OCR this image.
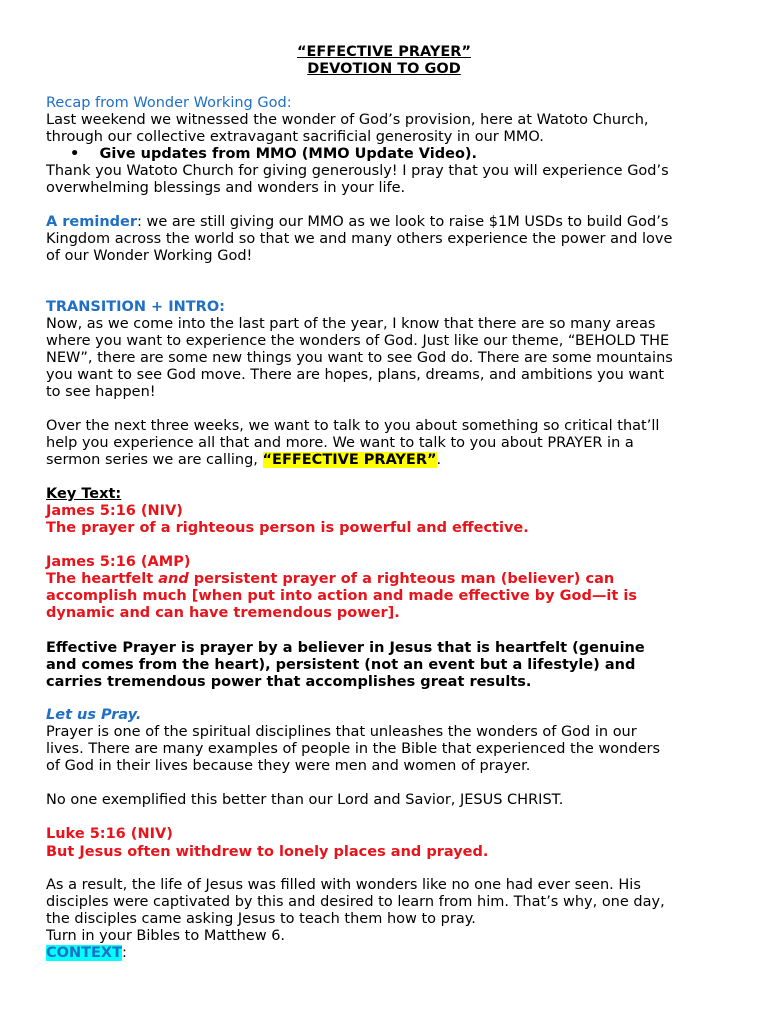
“EFFECTIVE PRAYER”
DEVOTION TO GOD
Recap from Wonder Working God:
Last weekend we witnessed the wonder of God’s provision, here at Watoto Church,
through our collective extravagant sacrificial generosity in our MMO.
•    Give updates from MMO (MMO Update Video).
Thank you Watoto Church for giving generously! I pray that you will experience God’s
overwhelming blessings and wonders in your life.
A reminder: we are still giving our MMO as we look to raise $1M USDs to build God’s
Kingdom across the world so that we and many others experience the power and love
of our Wonder Working God!
TRANSITION + INTRO:
Now, as we come into the last part of the year, I know that there are so many areas
where you want to experience the wonders of God. Just like our theme, “BEHOLD THE
NEW”, there are some new things you want to see God do. There are some mountains
you want to see God move. There are hopes, plans, dreams, and ambitions you want
to see happen!
Over the next three weeks, we want to talk to you about something so critical that’ll
help you experience all that and more. We want to talk to you about PRAYER in a
sermon series we are calling, “EFFECTIVE PRAYER”.
Key Text:
James 5:16 (NIV)
The prayer of a righteous person is powerful and effective.
James 5:16 (AMP)
The heartfelt and persistent prayer of a righteous man (believer) can
accomplish much [when put into action and made effective by God—it is
dynamic and can have tremendous power].
Effective Prayer is prayer by a believer in Jesus that is heartfelt (genuine
and comes from the heart), persistent (not an event but a lifestyle) and
carries tremendous power that accomplishes great results.
Let us Pray.
Prayer is one of the spiritual disciplines that unleashes the wonders of God in our
lives. There are many examples of people in the Bible that experienced the wonders
of God in their lives because they were men and women of prayer.
No one exemplified this better than our Lord and Savior, JESUS CHRIST.
Luke 5:16 (NIV)
But Jesus often withdrew to lonely places and prayed.
As a result, the life of Jesus was filled with wonders like no one had ever seen. His
disciples were captivated by this and desired to learn from him. That’s why, one day,
the disciples came asking Jesus to teach them how to pray.
Turn in your Bibles to Matthew 6.
CONTEXT:
